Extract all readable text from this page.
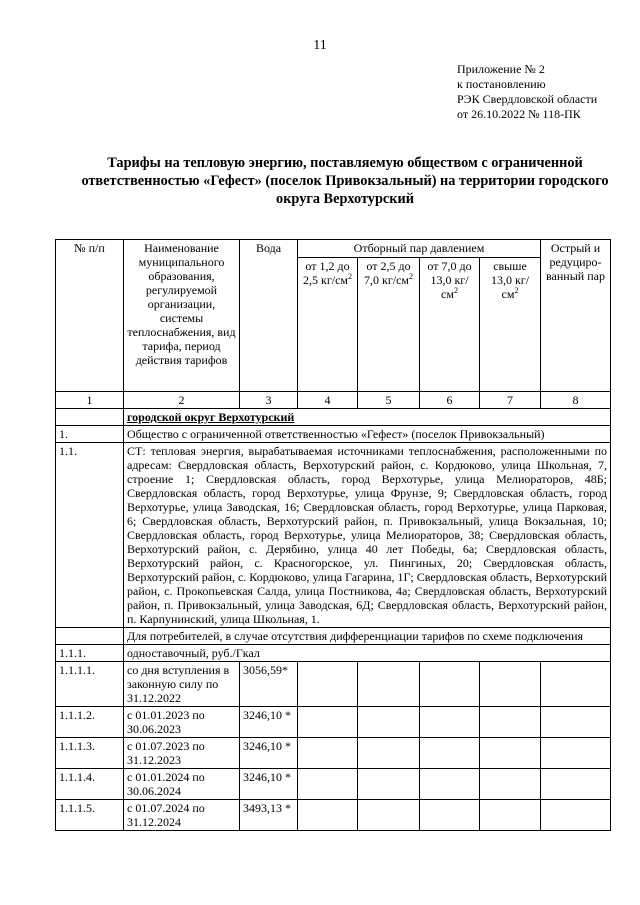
11
Приложение № 2
к постановлению
РЭК Свердловской области
от 26.10.2022 № 118-ПК
Тарифы на тепловую энергию, поставляемую обществом с ограниченной ответственностью «Гефест» (поселок Привокзальный) на территории городского округа Верхотурский
№ п/п	Наименование муниципального образования, регулируемой организации, системы теплоснабжения, вид тарифа, период действия тарифов	Вода	Отборный пар давлением				Острый и редуциро-ванный пар
			от 1,2 до 2,5 $кг/см^2$	от 2,5 до 7,0 $кг/см^2$	от 7,0 до 13,0 $кг/см^2$	свыше 13,0 $кг/см^2$
1	2	3	4	5	6	7	8
	городской округ Верхотурский						
1.	Общество с ограниченной ответственностью «Гефест» (поселок Привокзальный)						
1.1.	СТ: тепловая энергия, вырабатываемая источниками теплоснабжения, расположенными по адресам: Свердловская область, Верхотурский район, с. Кордюково, улица Школьная, 7, строение 1; Свердловская область, город Верхотурье, улица Мелиораторов, 48Б; Свердловская область, город Верхотурье, улица Фрунзе, 9; Свердловская область, город Верхотурье, улица Заводская, 16; Свердловская область, город Верхотурье, улица Парковая, 6; Свердловская область, Верхотурский район, п. Привокзальный, улица Вокзальная, 10; Свердловская область, город Верхотурье, улица Мелиораторов, 38; Свердловская область, Верхотурский район, с. Дерябино, улица 40 лет Победы, 6а; Свердловская область, Верхотурский район, с. Красногорское, ул. Пингиных, 20; Свердловская область, Верхотурский район, с. Кордюково, улица Гагарина, 1Г; Свердловская область, Верхотурский район, с. Прокопьевская Салда, улица Постникова, 4а; Свердловская область, Верхотурский район, п. Привокзальный, улица Заводская, 6Д; Свердловская область, Верхотурский район, п. Карпунинский, улица Школьная, 1.						
	Для потребителей, в случае отсутствия дифференциации тарифов по схеме подключения						
1.1.1.	одноставочный, руб./Гкал						
1.1.1.1.	со дня вступления в законную силу по 31.12.2022	3056,59*					
1.1.1.2.	с 01.01.2023 по 30.06.2023	3246,10 *					
1.1.1.3.	с 01.07.2023 по 31.12.2023	3246,10 *					
1.1.1.4.	с 01.01.2024 по 30.06.2024	3246,10 *					
1.1.1.5.	с 01.07.2024 по 31.12.2024	3493,13 *					
